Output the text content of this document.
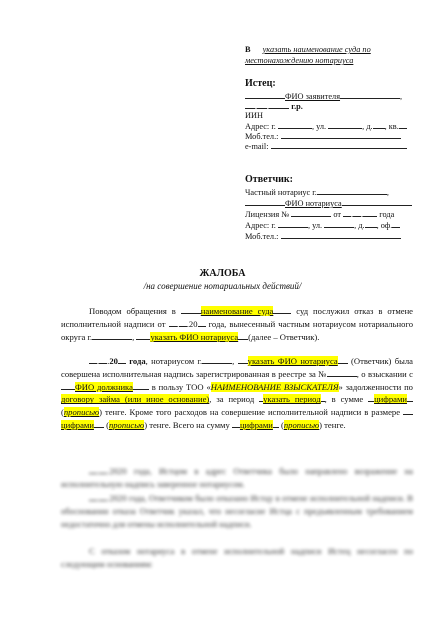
В указать наименование суда по
местонахождению нотариуса
Истец:
ФИО заявителя	,
. .	г.р.
ИИН
Адрес: г.	, ул.	, д. , кв.
Моб.тел.:
e-mail:
Ответчик:
Частный нотариус г.	,
ФИО нотариуса
Лицензия №	от . . года
Адрес: г.	, ул.	, д. , оф.
Моб.тел.:
ЖАЛОБА
/на совершение нотариальных действий/
Поводом обращения в	наименование суда	суд послужил отказ в отмене исполнительной надписи от . .20 года, вынесенный частным нотариусом нотариального округа г.	, указать ФИО нотариуса (далее – Ответчик).
. .20 года, нотариусом г.	, указать ФИО нотариуса (Ответчик) была совершена исполнительная надпись зарегистрированная в реестре за №	, о взыскании с ФИО должника в пользу ТОО «НАИМЕНОВАНИЕ ВЗЫСКАТЕЛЯ» задолженности по договору займа (или иное основание), за период указать период , в сумме цифрами (прописью) тенге. Кроме того расходов на совершение исполнительной надписи в размере цифрами (прописью) тенге. Всего на сумму цифрами (прописью) тенге.
. .2020 года, Истцом в адрес Ответчика было направлено возражение на исполнительную надпись заверенное нотариусом.
. .2020 года, Ответчиком было отказано Истцу в отмене исполнительной надписи. В обосновании отказа Ответчик указал, что несогласие Истца с предъявленным требованием недостаточно для отмены исполнительной надписи.
С отказом нотариуса в отмене исполнительной надписи Истец несогласен по следующим основаниям:
